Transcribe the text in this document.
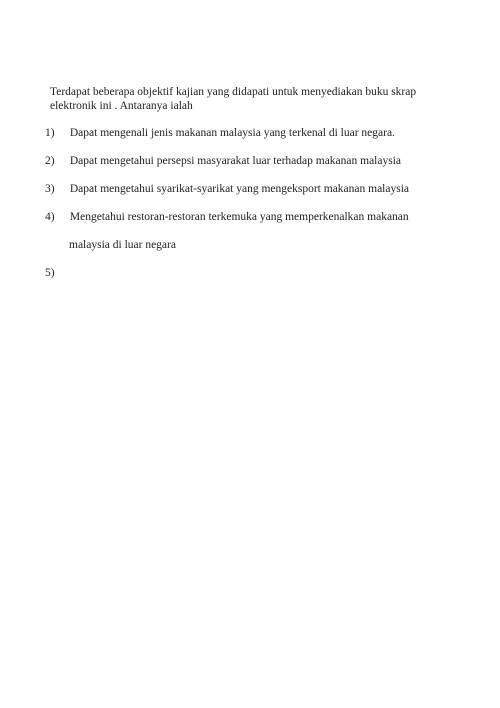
Terdapat beberapa objektif kajian yang didapati untuk menyediakan buku skrap
elektronik ini . Antaranya ialah
1) Dapat mengenali jenis makanan malaysia yang terkenal di luar negara.
2) Dapat mengetahui persepsi masyarakat luar terhadap makanan malaysia
3) Dapat mengetahui syarikat-syarikat yang mengeksport makanan malaysia
4) Mengetahui restoran-restoran terkemuka yang memperkenalkan makanan
malaysia di luar negara
5)
